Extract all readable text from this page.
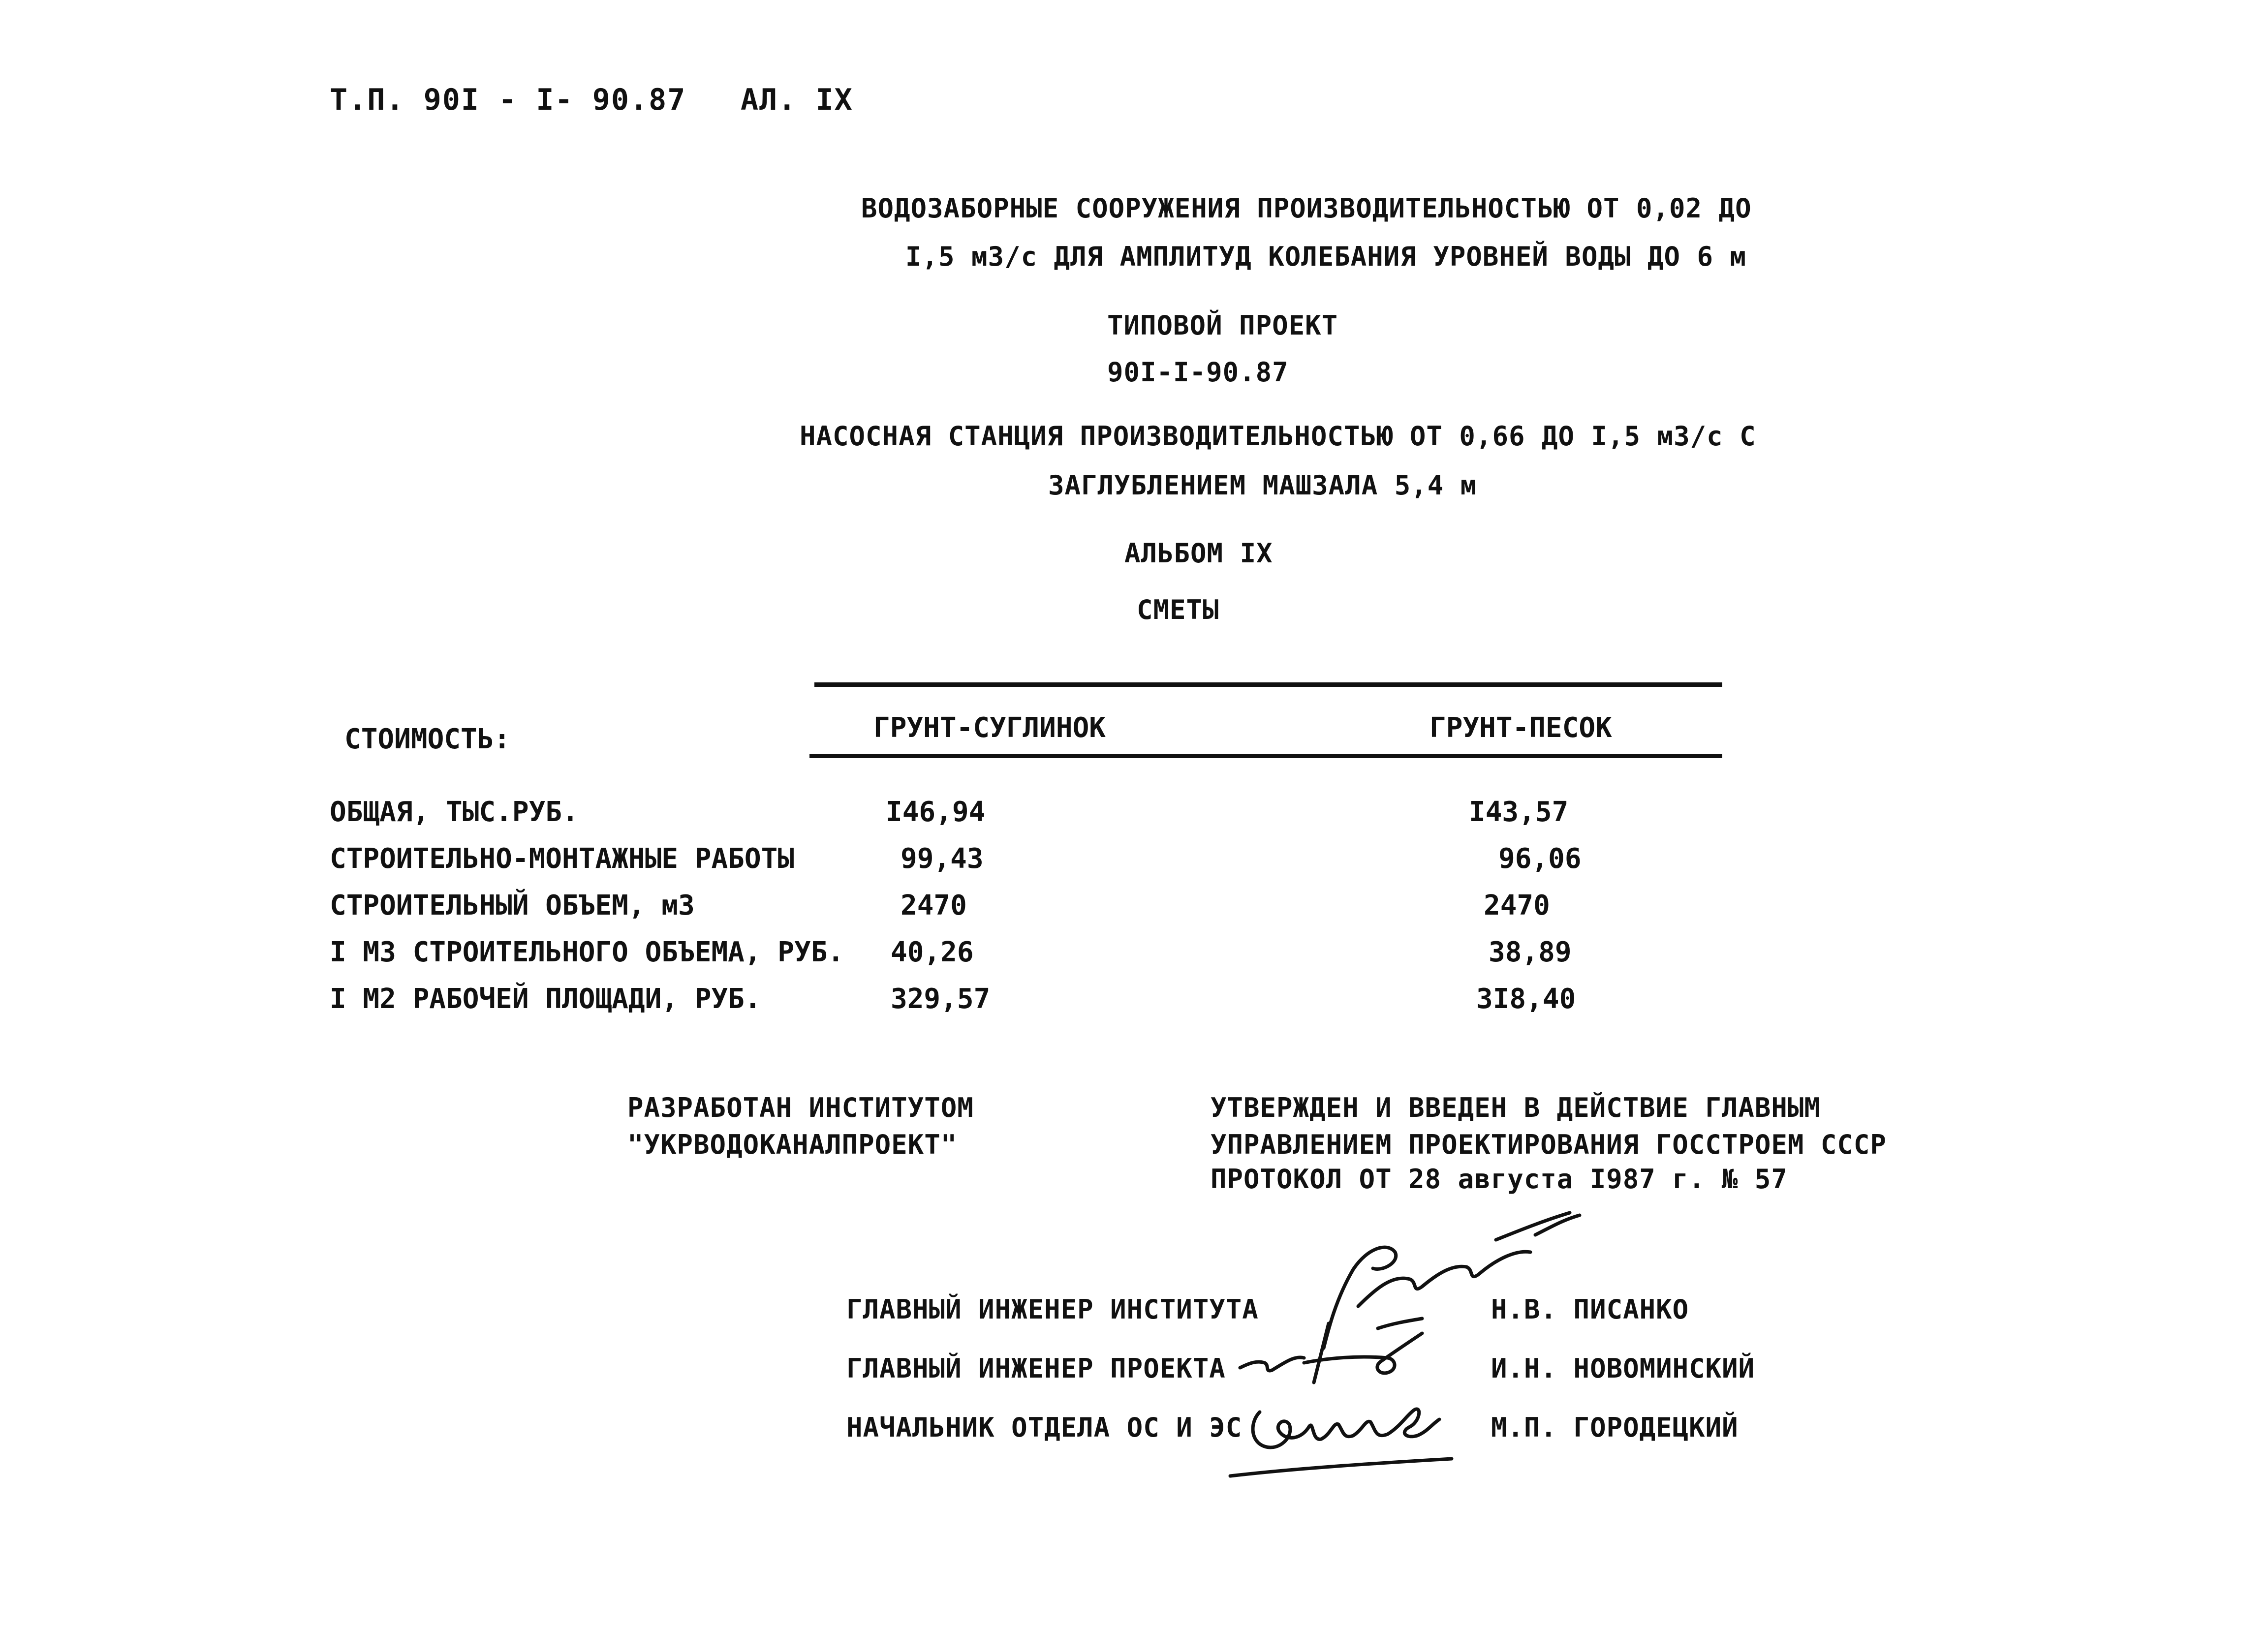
Т.П. 90I - I- 90.87 АЛ. IX
ВОДОЗАБОРНЫЕ СООРУЖЕНИЯ ПРОИЗВОДИТЕЛЬНОСТЬЮ ОТ 0,02 ДО
I,5 м3/с ДЛЯ АМПЛИТУД КОЛЕБАНИЯ УРОВНЕЙ ВОДЫ ДО 6 м
ТИПОВОЙ ПРОЕКТ
90I-I-90.87
НАСОСНАЯ СТАНЦИЯ ПРОИЗВОДИТЕЛЬНОСТЬЮ ОТ 0,66 ДО I,5 м3/с С
ЗАГЛУБЛЕНИЕМ МАШЗАЛА 5,4 м
АЛЬБОМ IX
СМЕТЫ
СТОИМОСТЬ:	ГРУНТ-СУГЛИНОК	ГРУНТ-ПЕСОК
ОБЩАЯ, ТЫС.РУБ.	I46,94	I43,57
СТРОИТЕЛЬНО-МОНТАЖНЫЕ РАБОТЫ	99,43	96,06
СТРОИТЕЛЬНЫЙ ОБЪЕМ, м3	2470	2470
I М3 СТРОИТЕЛЬНОГО ОБЪЕМА, РУБ. 40,26	38,89
I М2 РАБОЧЕЙ ПЛОЩАДИ, РУБ.	329,57	3I8,40
РАЗРАБОТАН ИНСТИТУТОМ
"УКРВОДОКАНАЛПРОЕКТ"
УТВЕРЖДЕН И ВВЕДЕН В ДЕЙСТВИЕ ГЛАВНЫМ
УПРАВЛЕНИЕМ ПРОЕКТИРОВАНИЯ ГОССТРОЕМ СССР
ПРОТОКОЛ ОТ 28 августа I987 г. № 57
ГЛАВНЫЙ ИНЖЕНЕР ИНСТИТУТА	Н.В. ПИСАНКО
ГЛАВНЫЙ ИНЖЕНЕР ПРОЕКТА	И.Н. НОВОМИНСКИЙ
НАЧАЛЬНИК ОТДЕЛА ОС И ЭС	М.П. ГОРОДЕЦКИЙ
